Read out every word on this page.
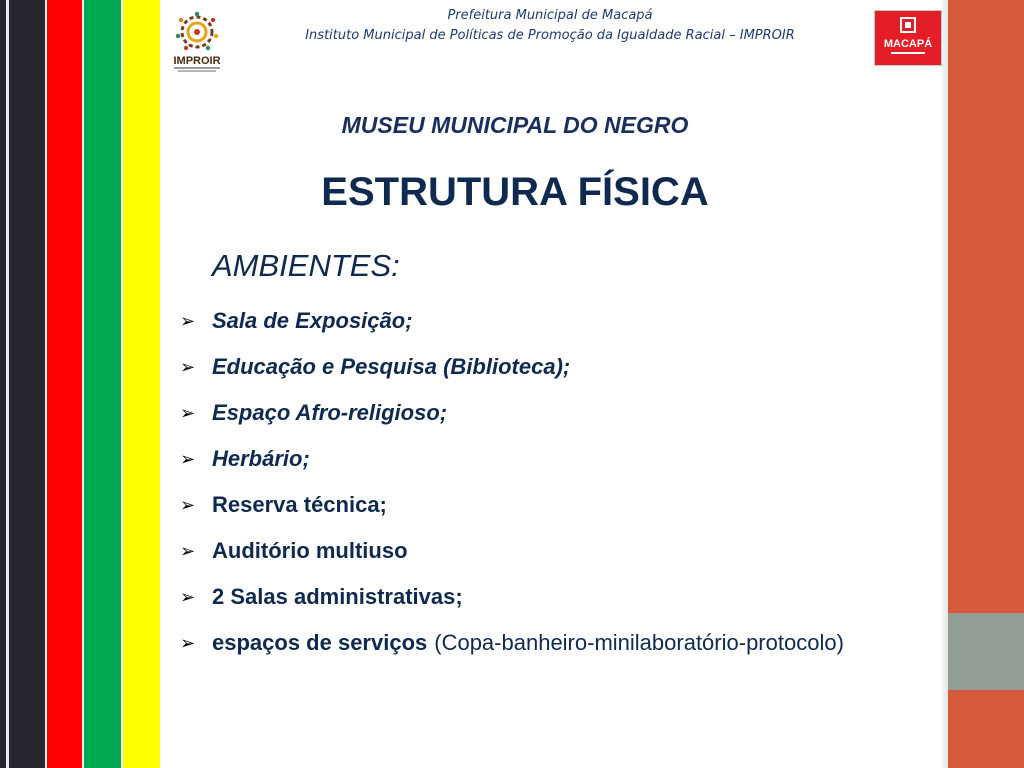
IMPROIR
Prefeitura Municipal de Macapá
Instituto Municipal de Políticas de Promoção da Igualdade Racial – IMPROIR
MACAPÁ
MUSEU MUNICIPAL DO NEGRO
ESTRUTURA FÍSICA
AMBIENTES:
➢ Sala de Exposição;
➢ Educação e Pesquisa (Biblioteca);
➢ Espaço Afro-religioso;
➢ Herbário;
➢ Reserva técnica;
➢ Auditório multiuso
➢ 2 Salas administrativas;
➢ espaços de serviços (Copa-banheiro-minilaboratório-protocolo)
